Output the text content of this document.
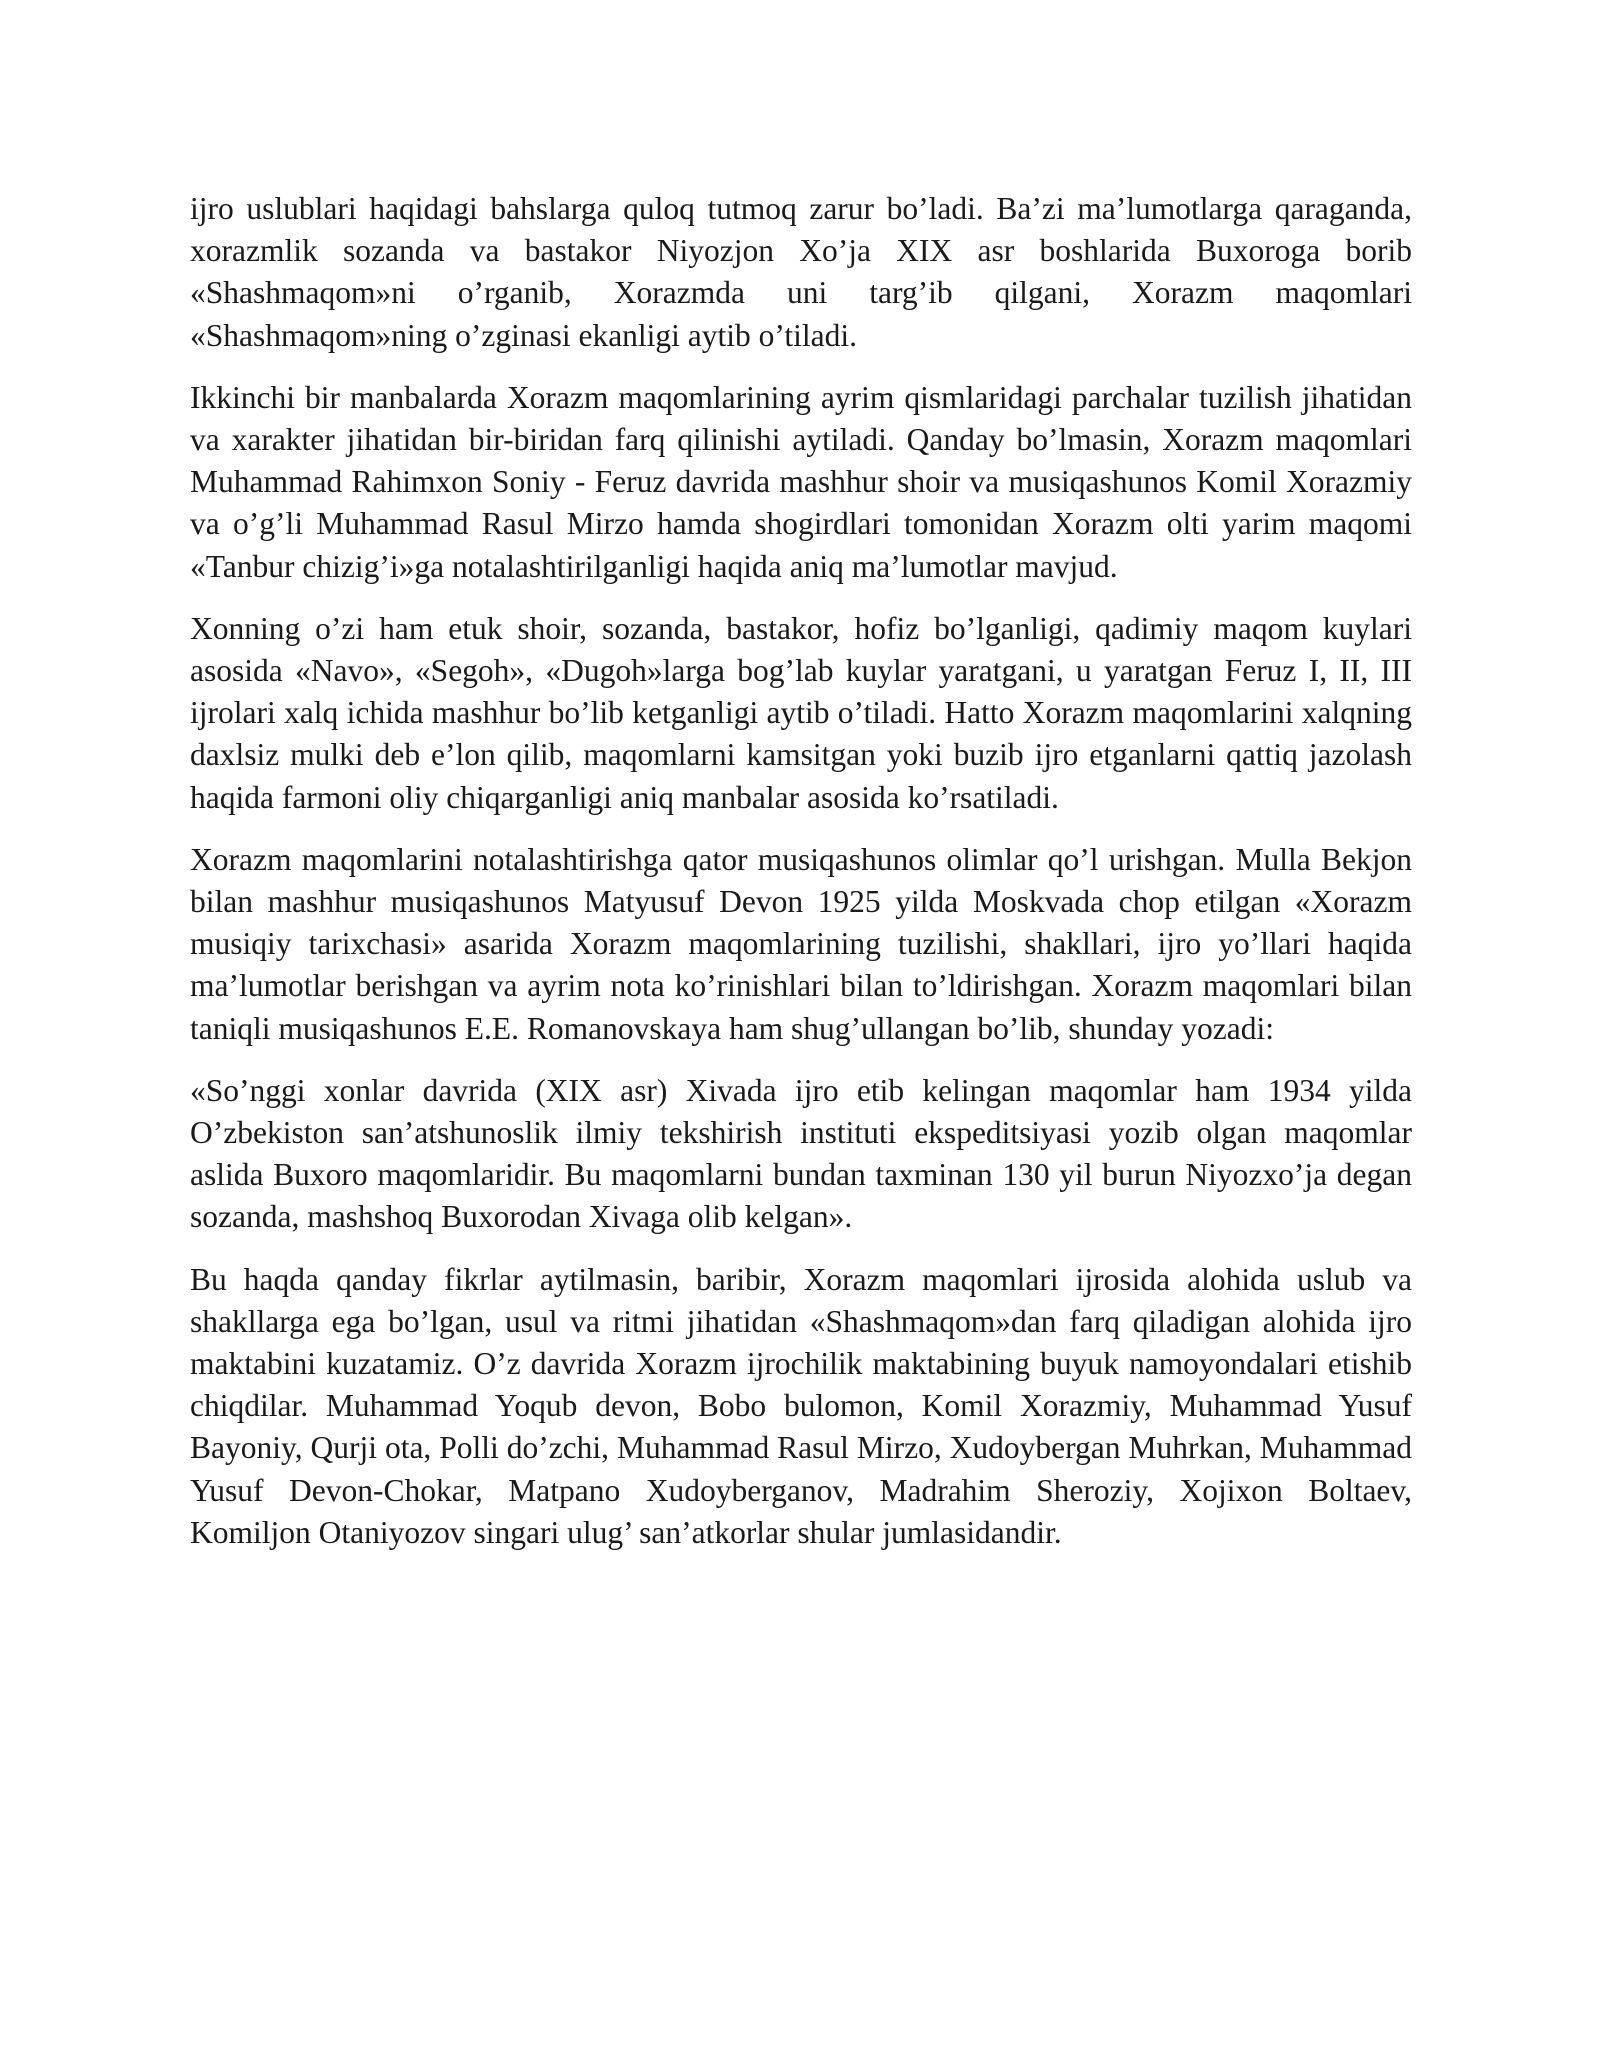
ijro uslublari haqidagi bahslarga quloq tutmoq zarur bo’ladi. Ba’zi ma’lumotlarga qaraganda, xorazmlik sozanda va bastakor Niyozjon Xo’ja XIX asr boshlarida Buxoroga borib «Shashmaqom»ni o’rganib, Xorazmda uni targ’ib qilgani, Xorazm maqomlari «Shashmaqom»ning o’zginasi ekanligi aytib o’tiladi.

Ikkinchi bir manbalarda Xorazm maqomlarining ayrim qismlaridagi parchalar tuzilish jihatidan va xarakter jihatidan bir-biridan farq qilinishi aytiladi. Qanday bo’lmasin, Xorazm maqomlari Muhammad Rahimxon Soniy - Feruz davrida mashhur shoir va musiqashunos Komil Xorazmiy va o’g’li Muhammad Rasul Mirzo hamda shogirdlari tomonidan Xorazm olti yarim maqomi «Tanbur chizig’i»ga notalashtirilganligi haqida aniq ma’lumotlar mavjud.

Xonning o’zi ham etuk shoir, sozanda, bastakor, hofiz bo’lganligi, qadimiy maqom kuylari asosida «Navo», «Segoh», «Dugoh»larga bog’lab kuylar yaratgani, u yaratgan Feruz I, II, III ijrolari xalq ichida mashhur bo’lib ketganligi aytib o’tiladi. Hatto Xorazm maqomlarini xalqning daxlsiz mulki deb e’lon qilib, maqomlarni kamsitgan yoki buzib ijro etganlarni qattiq jazolash haqida farmoni oliy chiqarganligi aniq manbalar asosida ko’rsatiladi.

Xorazm maqomlarini notalashtirishga qator musiqashunos olimlar qo’l urishgan. Mulla Bekjon bilan mashhur musiqashunos Matyusuf Devon 1925 yilda Moskvada chop etilgan «Xorazm musiqiy tarixchasi» asarida Xorazm maqomlarining tuzilishi, shakllari, ijro yo’llari haqida ma’lumotlar berishgan va ayrim nota ko’rinishlari bilan to’ldirishgan. Xorazm maqomlari bilan taniqli musiqashunos E.E. Romanovskaya ham shug’ullangan bo’lib, shunday yozadi:

«So’nggi xonlar davrida (XIX asr) Xivada ijro etib kelingan maqomlar ham 1934 yilda O’zbekiston san’atshunoslik ilmiy tekshirish instituti ekspeditsiyasi yozib olgan maqomlar aslida Buxoro maqomlaridir. Bu maqomlarni bundan taxminan 130 yil burun Niyozxo’ja degan sozanda, mashshoq Buxorodan Xivaga olib kelgan».

Bu haqda qanday fikrlar aytilmasin, baribir, Xorazm maqomlari ijrosida alohida uslub va shakllarga ega bo’lgan, usul va ritmi jihatidan «Shashmaqom»dan farq qiladigan alohida ijro maktabini kuzatamiz. O’z davrida Xorazm ijrochilik maktabining buyuk namoyondalari etishib chiqdilar. Muhammad Yoqub devon, Bobo bulomon, Komil Xorazmiy, Muhammad Yusuf Bayoniy, Qurji ota, Polli do’zchi, Muhammad Rasul Mirzo, Xudoybergan Muhrkan, Muhammad Yusuf Devon-Chokar, Matpano Xudoyberganov, Madrahim Sheroziy, Xojixon Boltaev, Komiljon Otaniyozov singari ulug’ san’atkorlar shular jumlasidandir.
